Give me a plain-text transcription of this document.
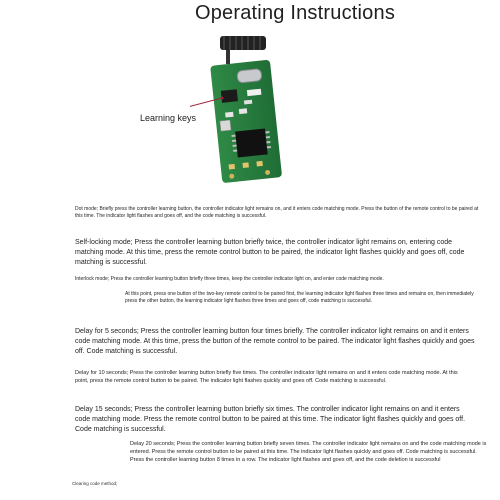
Operating Instructions
Learning keys
Dot mode; Briefly press the controller learning button, the controller indicator light remains on, and it enters code matching mode. Press the button of the remote control to be paired at this time. The indicator light flashes and goes off, and the code matching is successful.
Self-locking mode; Press the controller learning button briefly twice, the controller indicator light remains on, entering code matching mode. At this time, press the remote control button to be paired, the indicator light flashes quickly and goes off, code matching is successful.
Interlock mode; Press the controller learning button briefly three times, keep the controller indicator light on, and enter code matching mode.
At this point, press one button of the two-key remote control to be paired first, the learning indicator light flashes three times and remains on, then immediately press the other button, the learning indicator light flashes three times and goes off, code matching is successful.
Delay for 5 seconds; Press the controller learning button four times briefly. The controller indicator light remains on and it enters code matching mode. At this time, press the button of the remote control to be paired. The indicator light flashes quickly and goes off. Code matching is successful.
Delay for 10 seconds; Press the controller learning button briefly five times. The controller indicator light remains on and it enters code matching mode. At this point, press the remote control button to be paired. The indicator light flashes quickly and goes off. Code matching is successful.
Delay 15 seconds; Press the controller learning button briefly six times. The controller indicator light remains on and it enters code matching mode. Press the remote control button to be paired at this time. The indicator light flashes quickly and goes off. Code matching is successful.
Delay 20 seconds; Press the controller learning button briefly seven times. The controller indicator light remains on and the code matching mode is entered. Press the remote control button to be paired at this time. The indicator light flashes quickly and goes off. Code matching is successful. Press the controller learning button 8 times in a row. The indicator light flashes and goes off, and the code deletion is successful
Clearing code method;
